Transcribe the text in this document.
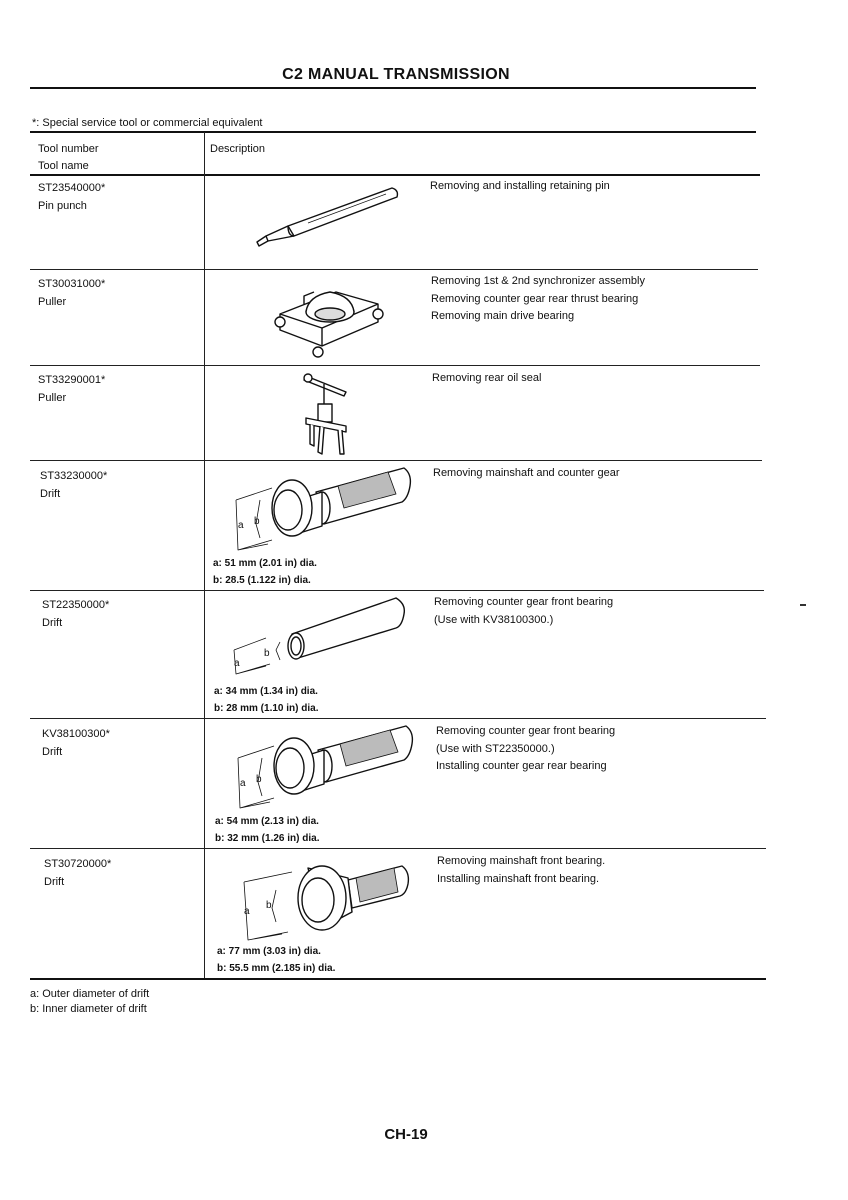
C2 MANUAL TRANSMISSION
*: Special service tool or commercial equivalent
Tool number
Tool name
Description
ST23540000*
Pin punch
Removing and installing retaining pin
ST30031000*
Puller
Removing 1st & 2nd synchronizer assembly
Removing counter gear rear thrust bearing
Removing main drive bearing
ST33290001*
Puller
Removing rear oil seal
ST33230000*
Drift
a b
Removing mainshaft and counter gear
a: 51 mm (2.01 in) dia.
b: 28.5 (1.122 in) dia.
ST22350000*
Drift
a
b
Removing counter gear front bearing
(Use with KV38100300.)
a: 34 mm (1.34 in) dia.
b: 28 mm (1.10 in) dia.
KV38100300*
Drift
a b
Removing counter gear front bearing
(Use with ST22350000.)
Installing counter gear rear bearing
a: 54 mm (2.13 in) dia.
b: 32 mm (1.26 in) dia.
ST30720000*
Drift
a
b
Removing mainshaft front bearing.
Installing mainshaft front bearing.
a: 77 mm (3.03 in) dia.
b: 55.5 mm (2.185 in) dia.
a: Outer diameter of drift
b: Inner diameter of drift
CH-19
